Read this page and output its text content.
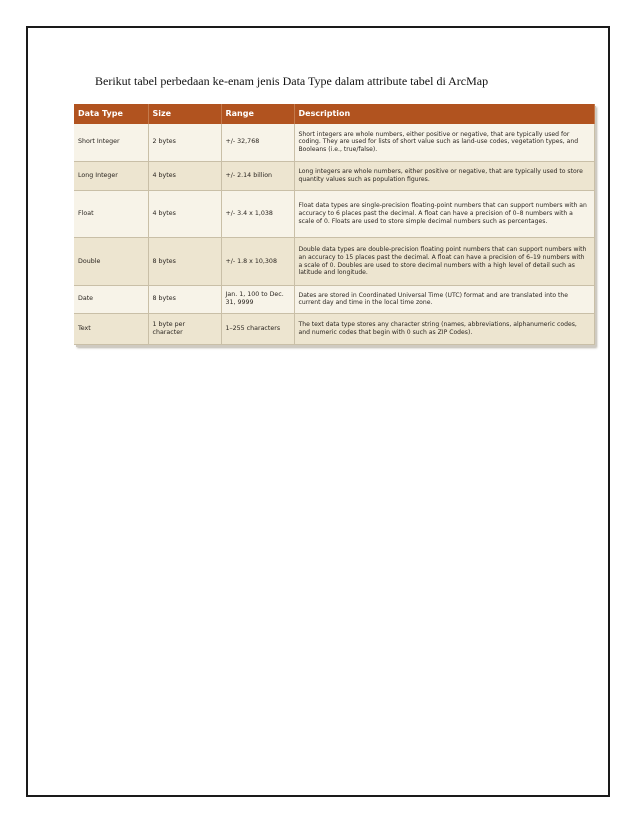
Berikut tabel perbedaan ke-enam jenis Data Type dalam attribute tabel di ArcMap
Data Type	Size	Range	Description
Short Integer	2 bytes	+/- 32,768	Short integers are whole numbers, either positive or negative, that are typically used for coding. They are used for lists of short value such as land-use codes, vegetation types, and Booleans (i.e., true/false).
Long Integer	4 bytes	+/- 2.14 billion	Long integers are whole numbers, either positive or negative, that are typically used to store quantity values such as population figures.
Float	4 bytes	+/- 3.4 x 1,038	Float data types are single-precision floating-point numbers that can support numbers with an accuracy to 6 places past the decimal. A float can have a precision of 0–8 numbers with a scale of 0. Floats are used to store simple decimal numbers such as percentages.
Double	8 bytes	+/- 1.8 x 10,308	Double data types are double-precision floating point numbers that can support numbers with an accuracy to 15 places past the decimal. A float can have a precision of 6–19 numbers with a scale of 0. Doubles are used to store decimal numbers with a high level of detail such as latitude and longitude.
Date	8 bytes	Jan. 1, 100 to Dec. 31, 9999	Dates are stored in Coordinated Universal Time (UTC) format and are translated into the current day and time in the local time zone.
Text	1 byte per character	1–255 characters	The text data type stores any character string (names, abbreviations, alphanumeric codes, and numeric codes that begin with 0 such as ZIP Codes).
